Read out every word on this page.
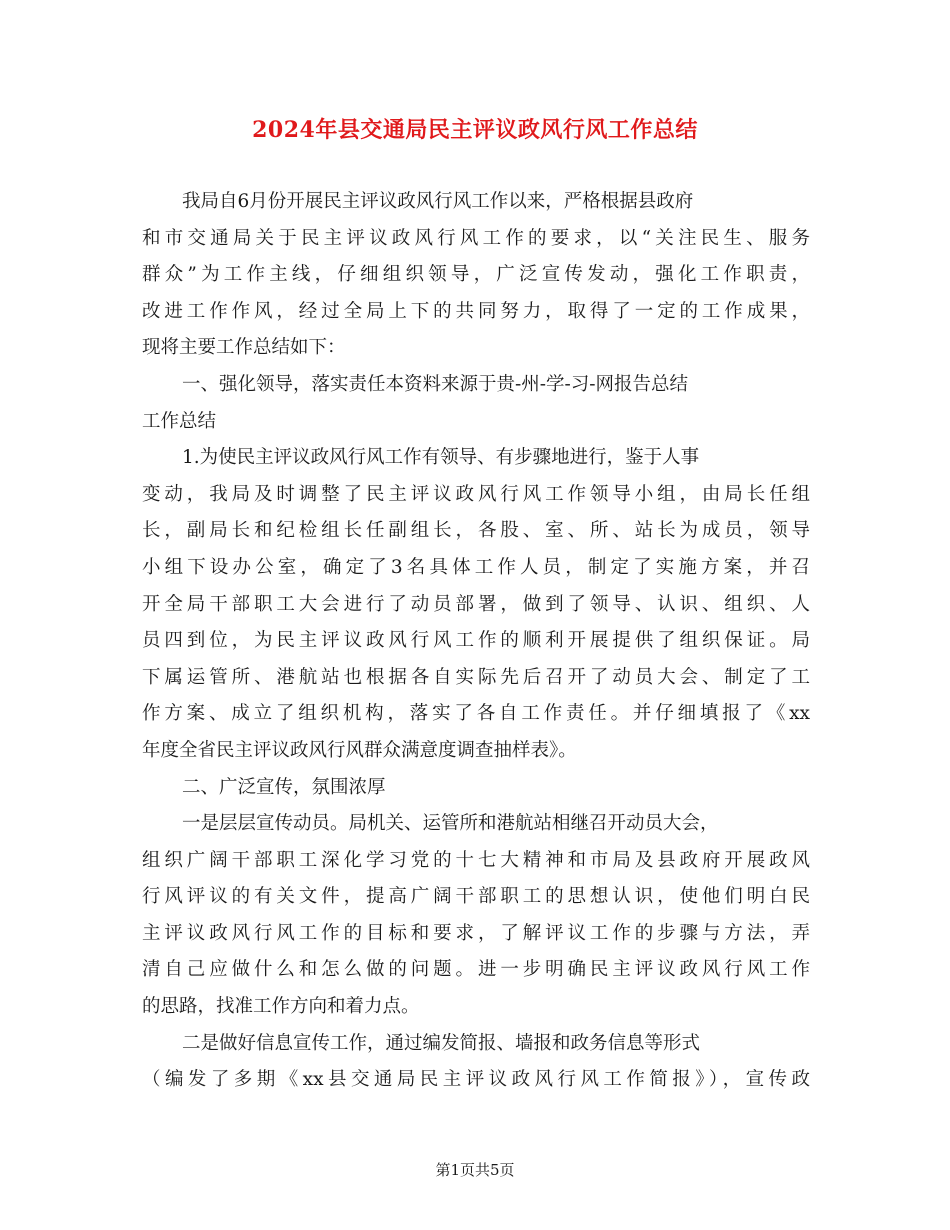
2024年县交通局民主评议政风行风工作总结
我局自6月份开展民主评议政风行风工作以来，严格根据县政府
和市交通局关于民主评议政风行风工作的要求，以“关注民生、服务
群众”为工作主线，仔细组织领导，广泛宣传发动，强化工作职责，
改进工作作风，经过全局上下的共同努力，取得了一定的工作成果，
现将主要工作总结如下：
一、强化领导，落实责任本资料来源于贵-州-学-习-网报告总结
工作总结
1.为使民主评议政风行风工作有领导、有步骤地进行，鉴于人事
变动，我局及时调整了民主评议政风行风工作领导小组，由局长任组
长，副局长和纪检组长任副组长，各股、室、所、站长为成员，领导
小组下设办公室，确定了3名具体工作人员，制定了实施方案，并召
开全局干部职工大会进行了动员部署，做到了领导、认识、组织、人
员四到位，为民主评议政风行风工作的顺利开展提供了组织保证。局
下属运管所、港航站也根据各自实际先后召开了动员大会、制定了工
作方案、成立了组织机构，落实了各自工作责任。并仔细填报了《xx
年度全省民主评议政风行风群众满意度调查抽样表》。
二、广泛宣传，氛围浓厚
一是层层宣传动员。局机关、运管所和港航站相继召开动员大会，
组织广阔干部职工深化学习党的十七大精神和市局及县政府开展政风
行风评议的有关文件，提高广阔干部职工的思想认识，使他们明白民
主评议政风行风工作的目标和要求，了解评议工作的步骤与方法，弄
清自己应做什么和怎么做的问题。进一步明确民主评议政风行风工作
的思路，找准工作方向和着力点。
二是做好信息宣传工作，通过编发简报、墙报和政务信息等形式
（编发了多期《xx县交通局民主评议政风行风工作简报》），宣传政
第1页共5页
